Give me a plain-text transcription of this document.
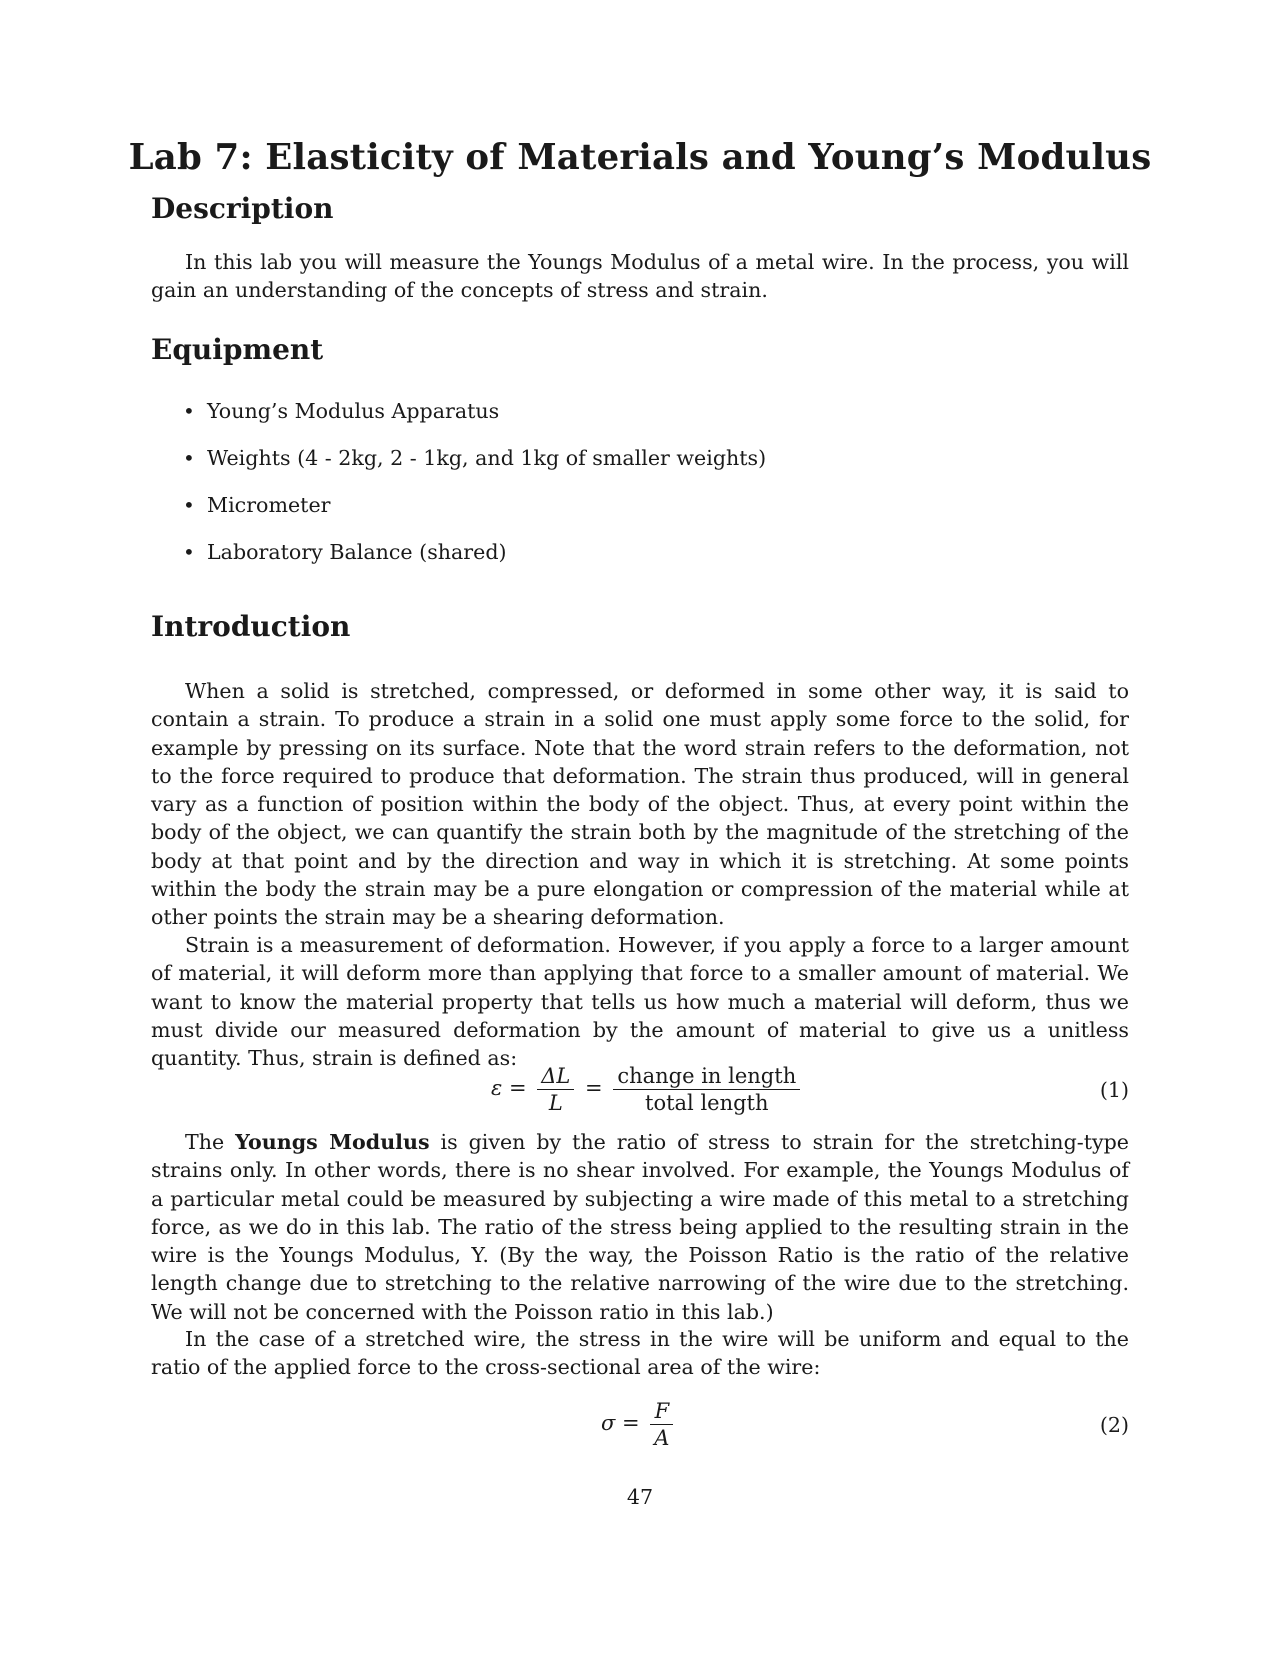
Lab 7: Elasticity of Materials and Young’s Modulus
Description

In this lab you will measure the Youngs Modulus of a metal wire. In the process, you will gain an understanding of the concepts of stress and strain.

Equipment
• Young’s Modulus Apparatus
• Weights (4 - 2kg, 2 - 1kg, and 1kg of smaller weights)
• Micrometer
• Laboratory Balance (shared)
Introduction

When a solid is stretched, compressed, or deformed in some other way, it is said to contain a strain. To produce a strain in a solid one must apply some force to the solid, for example by pressing on its surface. Note that the word strain refers to the deformation, not to the force required to produce that deformation. The strain thus produced, will in general vary as a function of position within the body of the object. Thus, at every point within the body of the object, we can quantify the strain both by the magnitude of the stretching of the body at that point and by the direction and way in which it is stretching. At some points within the body the strain may be a pure elongation or compression of the material while at other points the strain may be a shearing deformation.

Strain is a measurement of deformation. However, if you apply a force to a larger amount of material, it will deform more than applying that force to a smaller amount of material. We want to know the material property that tells us how much a material will deform, thus we must divide our measured deformation by the amount of material to give us a unitless quantity. Thus, strain is defined as:

$\varepsilon = \frac{\Delta L}{L} = \frac{\text{change in length}}{\text{total length}}$	(1)

The Youngs Modulus is given by the ratio of stress to strain for the stretching-type strains only. In other words, there is no shear involved. For example, the Youngs Modulus of a particular metal could be measured by subjecting a wire made of this metal to a stretching force, as we do in this lab. The ratio of the stress being applied to the resulting strain in the wire is the Youngs Modulus, Y. (By the way, the Poisson Ratio is the ratio of the relative length change due to stretching to the relative narrowing of the wire due to the stretching. We will not be concerned with the Poisson ratio in this lab.)

In the case of a stretched wire, the stress in the wire will be uniform and equal to the ratio of the applied force to the cross-sectional area of the wire:

$\sigma = \frac{F}{A}$	(2)
47
